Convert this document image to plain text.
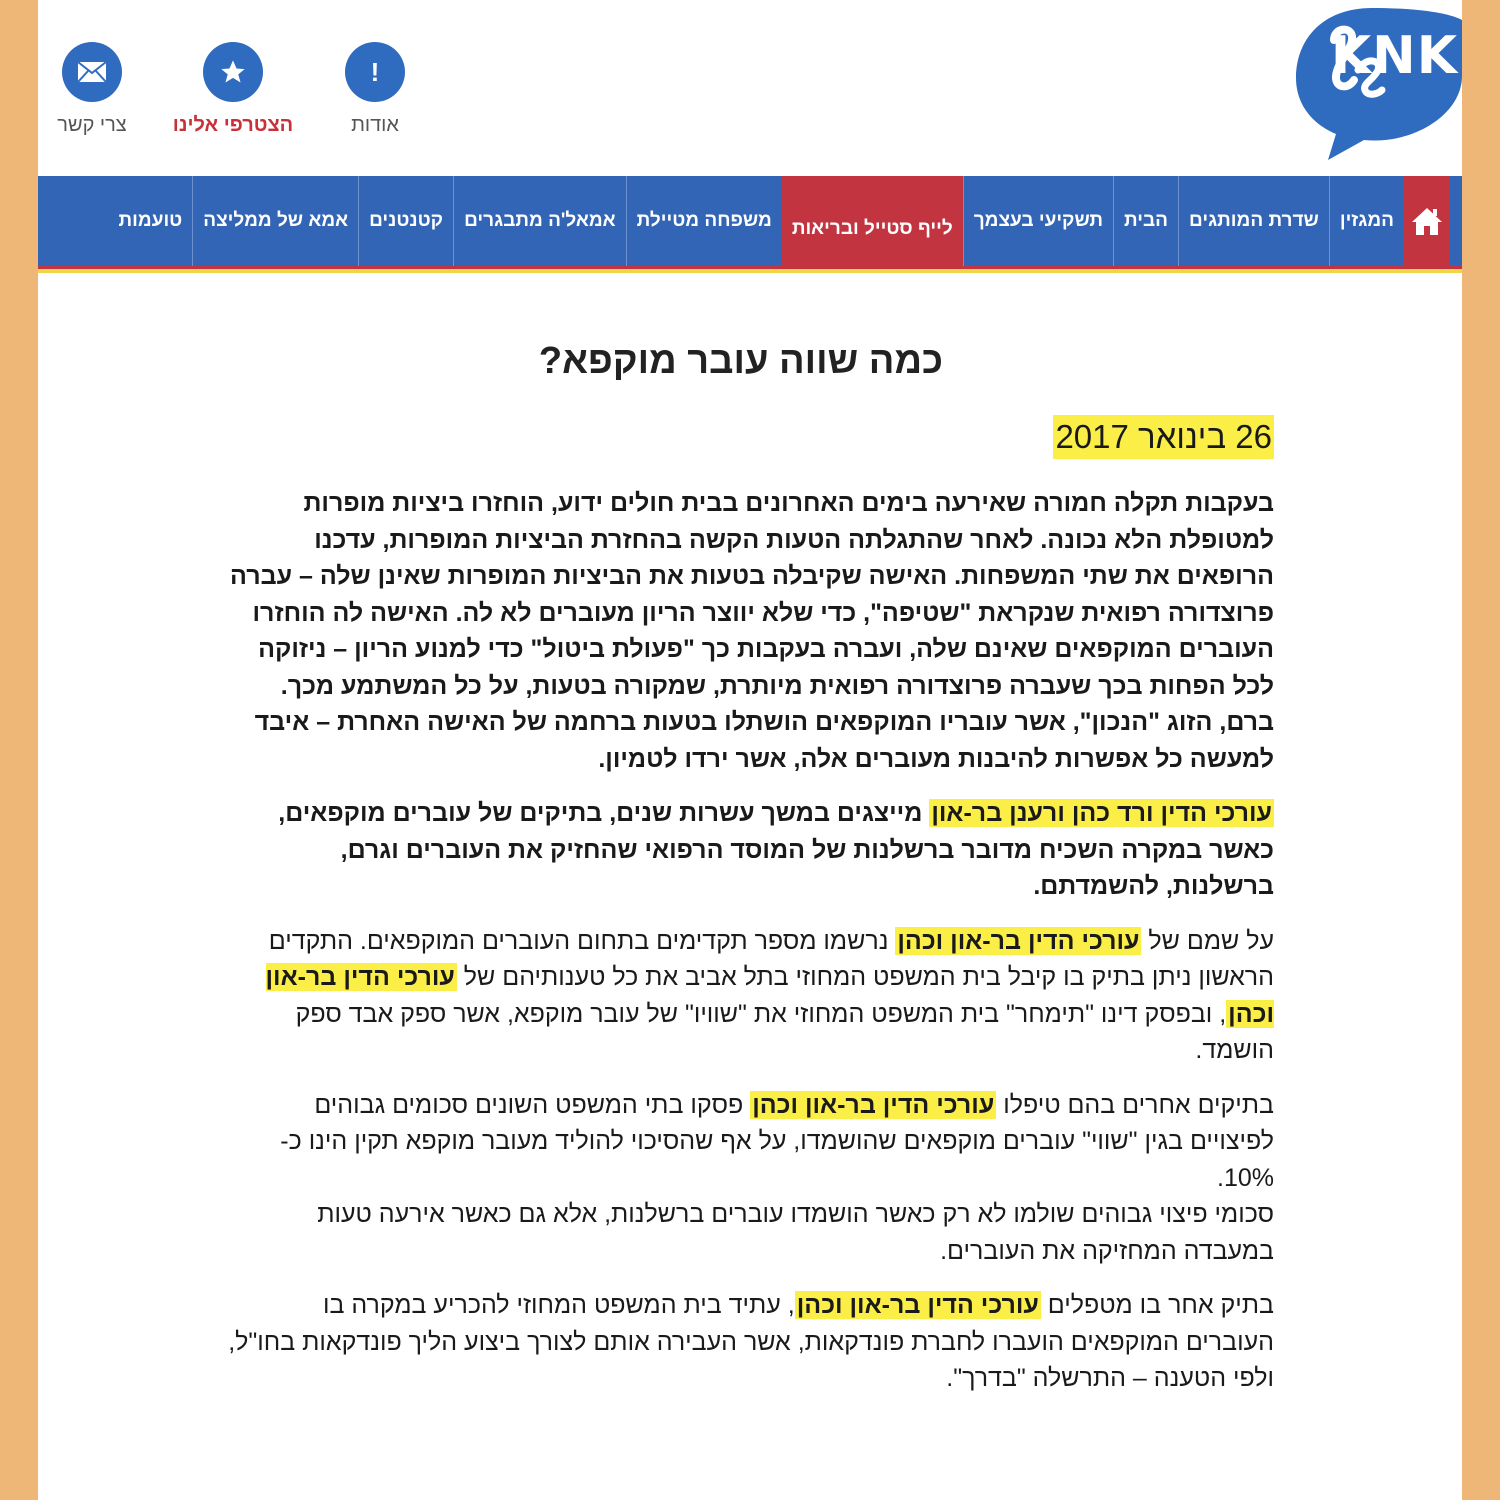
צרי קשר	הצטרפי אלינו
!
אודות
KNK
המגזין
שדרת המותגים
הבית
תשקיעי בעצמך
לייף סטייל ובריאות
משפחה מטיילת
אמאל'ה מתבגרים
קטנטנים
אמא של ממליצה
טועמות
כמה שווה עובר מוקפא?
26 בינואר 2017

בעקבות תקלה חמורה שאירעה בימים האחרונים בבית חולים ידוע, הוחזרו ביציות מופרות למטופלת הלא נכונה. לאחר שהתגלתה הטעות הקשה בהחזרת הביציות המופרות, עדכנו הרופאים את שתי המשפחות. האישה שקיבלה בטעות את הביציות המופרות שאינן שלה – עברה פרוצדורה רפואית שנקראת "שטיפה", כדי שלא יווצר הריון מעוברים לא לה. האישה לה הוחזרו העוברים המוקפאים שאינם שלה, ועברה בעקבות כך "פעולת ביטול" כדי למנוע הריון – ניזוקה לכל הפחות בכך שעברה פרוצדורה רפואית מיותרת, שמקורה בטעות, על כל המשתמע מכך. ברם, הזוג "הנכון", אשר עובריו המוקפאים הושתלו בטעות ברחמה של האישה האחרת – איבד למעשה כל אפשרות להיבנות מעוברים אלה, אשר ירדו לטמיון.

עורכי הדין ורד כהן ורענן בר-און מייצגים במשך עשרות שנים, בתיקים של עוברים מוקפאים, כאשר במקרה השכיח מדובר ברשלנות של המוסד הרפואי שהחזיק את העוברים וגרם, ברשלנות, להשמדתם.

על שמם של עורכי הדין בר-און וכהן נרשמו מספר תקדימים בתחום העוברים המוקפאים. התקדים הראשון ניתן בתיק בו קיבל בית המשפט המחוזי בתל אביב את כל טענותיהם של עורכי הדין בר-און וכהן, ובפסק דינו "תימחר" בית המשפט המחוזי את "שוויו" של עובר מוקפא, אשר ספק אבד ספק הושמד.

בתיקים אחרים בהם טיפלו עורכי הדין בר-און וכהן פסקו בתי המשפט השונים סכומים גבוהים לפיצויים בגין "שווי" עוברים מוקפאים שהושמדו, על אף שהסיכוי להוליד מעובר מוקפא תקין הינו כ- 10%.

סכומי פיצוי גבוהים שולמו לא רק כאשר הושמדו עוברים ברשלנות, אלא גם כאשר אירעה טעות במעבדה המחזיקה את העוברים.

בתיק אחר בו מטפלים עורכי הדין בר-און וכהן, עתיד בית המשפט המחוזי להכריע במקרה בו העוברים המוקפאים הועברו לחברת פונדקאות, אשר העבירה אותם לצורך ביצוע הליך פונדקאות בחו"ל, ולפי הטענה – התרשלה "בדרך".
